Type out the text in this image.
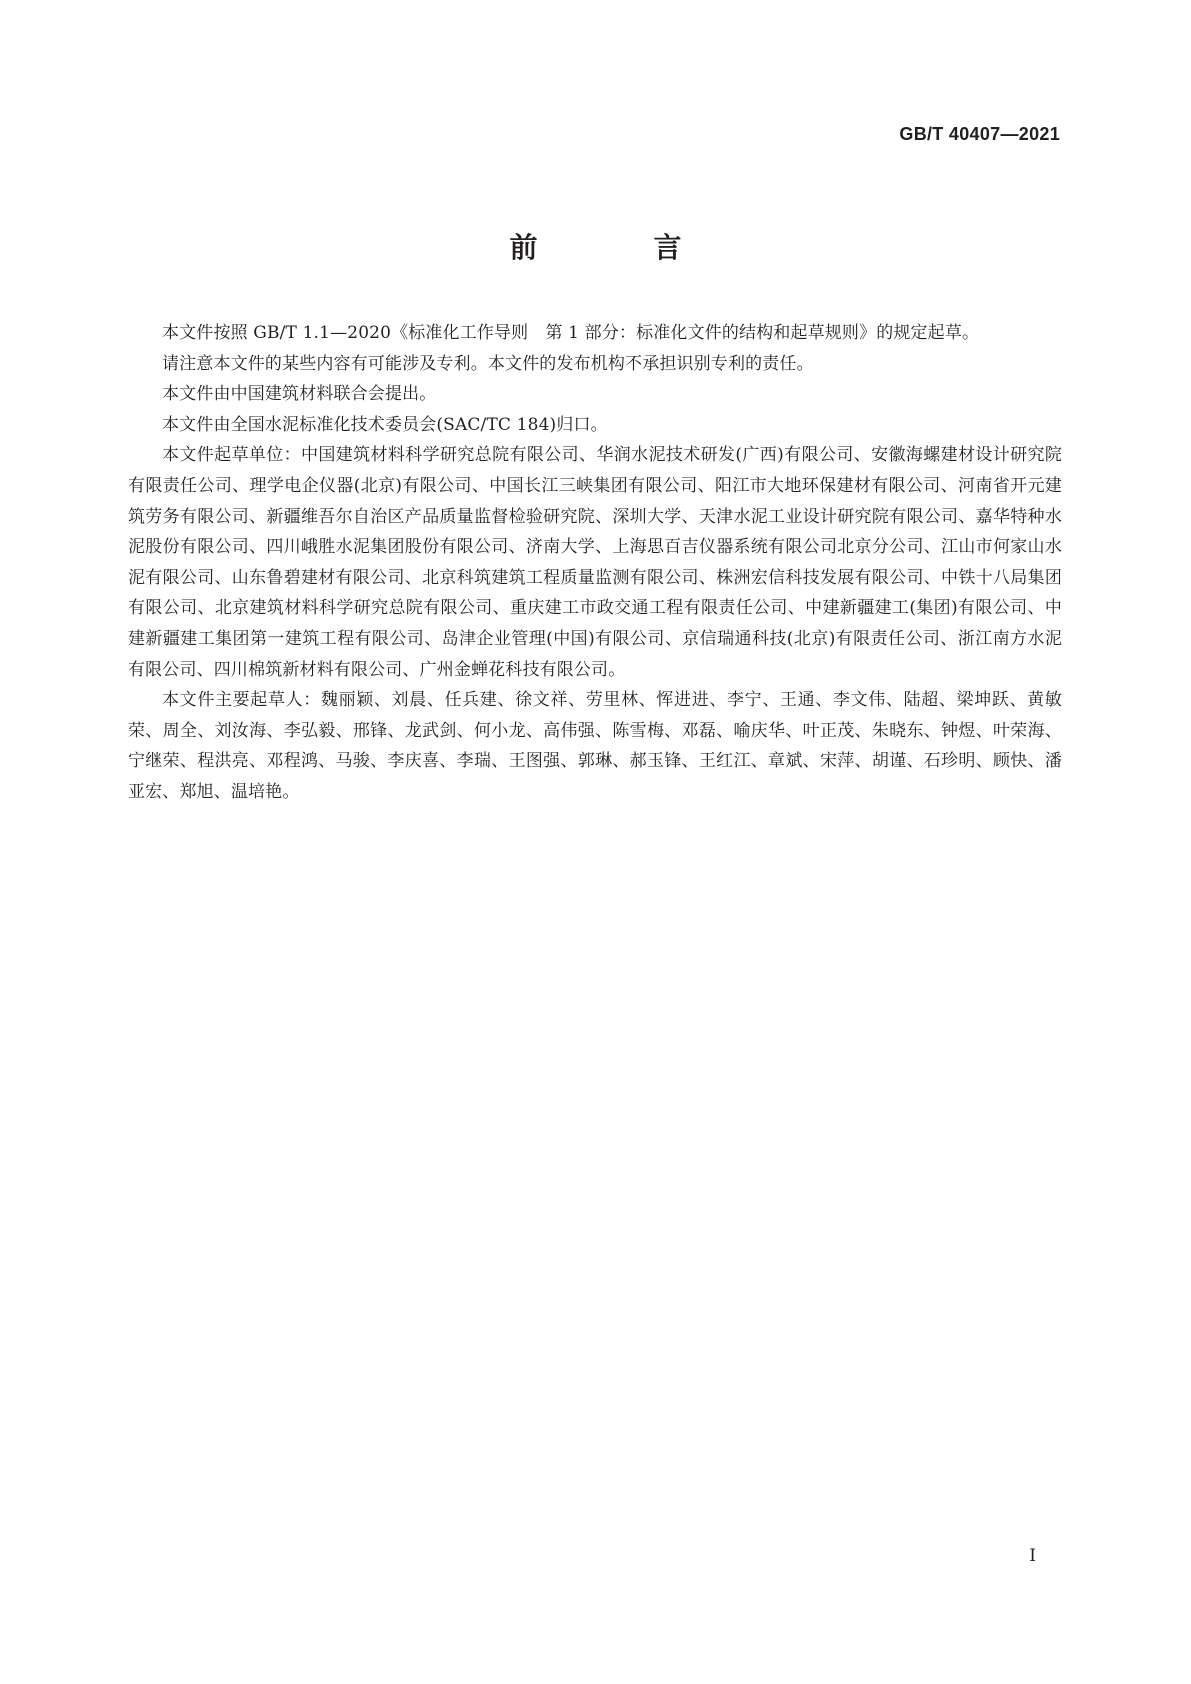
GB/T 40407—2021
前　言

本文件按照 GB/T 1.1—2020《标准化工作导则　第 1 部分：标准化文件的结构和起草规则》的规定起草。

请注意本文件的某些内容有可能涉及专利。本文件的发布机构不承担识别专利的责任。

本文件由中国建筑材料联合会提出。

本文件由全国水泥标准化技术委员会(SAC/TC 184)归口。

本文件起草单位：中国建筑材料科学研究总院有限公司、华润水泥技术研发(广西)有限公司、安徽海螺建材设计研究院有限责任公司、理学电企仪器(北京)有限公司、中国长江三峡集团有限公司、阳江市大地环保建材有限公司、河南省开元建筑劳务有限公司、新疆维吾尔自治区产品质量监督检验研究院、深圳大学、天津水泥工业设计研究院有限公司、嘉华特种水泥股份有限公司、四川峨胜水泥集团股份有限公司、济南大学、上海思百吉仪器系统有限公司北京分公司、江山市何家山水泥有限公司、山东鲁碧建材有限公司、北京科筑建筑工程质量监测有限公司、株洲宏信科技发展有限公司、中铁十八局集团有限公司、北京建筑材料科学研究总院有限公司、重庆建工市政交通工程有限责任公司、中建新疆建工(集团)有限公司、中建新疆建工集团第一建筑工程有限公司、岛津企业管理(中国)有限公司、京信瑞通科技(北京)有限责任公司、浙江南方水泥有限公司、四川棉筑新材料有限公司、广州金蝉花科技有限公司。

本文件主要起草人：魏丽颖、刘晨、任兵建、徐文祥、劳里林、恽进进、李宁、王通、李文伟、陆超、梁坤跃、黄敏荣、周全、刘汝海、李弘毅、邢锋、龙武剑、何小龙、高伟强、陈雪梅、邓磊、喻庆华、叶正茂、朱晓东、钟煜、叶荣海、宁继荣、程洪亮、邓程鸿、马骏、李庆喜、李瑞、王图强、郭琳、郝玉锋、王红江、章斌、宋萍、胡谨、石珍明、顾快、潘亚宏、郑旭、温培艳。

I
